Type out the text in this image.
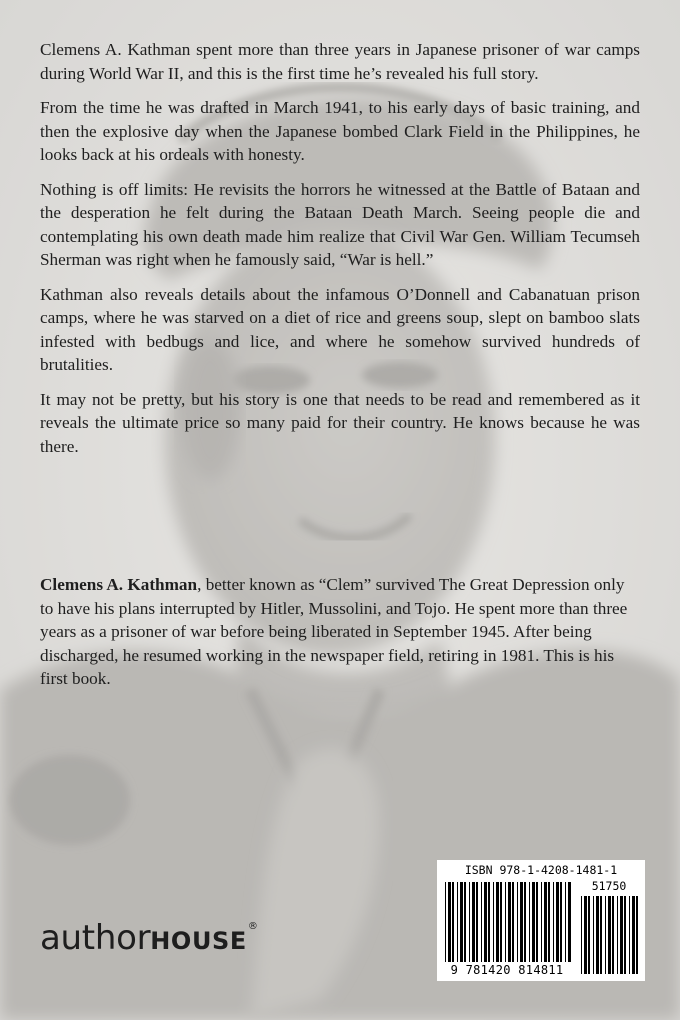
Clemens A. Kathman spent more than three years in Japanese prisoner of war camps during World War II, and this is the first time he’s revealed his full story.

From the time he was drafted in March 1941, to his early days of basic training, and then the explosive day when the Japanese bombed Clark Field in the Philippines, he looks back at his ordeals with honesty.

Nothing is off limits: He revisits the horrors he witnessed at the Battle of Bataan and the desperation he felt during the Bataan Death March. Seeing people die and contemplating his own death made him realize that Civil War Gen. William Tecumseh Sherman was right when he famously said, “War is hell.”

Kathman also reveals details about the infamous O’Donnell and Cabanatuan prison camps, where he was starved on a diet of rice and greens soup, slept on bamboo slats infested with bedbugs and lice, and where he somehow survived hundreds of brutalities.

It may not be pretty, but his story is one that needs to be read and remembered as it reveals the ultimate price so many paid for their country. He knows because he was there.

Clemens A. Kathman, better known as “Clem” survived The Great Depression only to have his plans interrupted by Hitler, Mussolini, and Tojo. He spent more than three years as a prisoner of war before being liberated in September 1945. After being discharged, he resumed working in the newspaper field, retiring in 1981. This is his first book.
authorHOUSE®
ISBN 978-1-4208-1481-1
51750
9 781420 814811
